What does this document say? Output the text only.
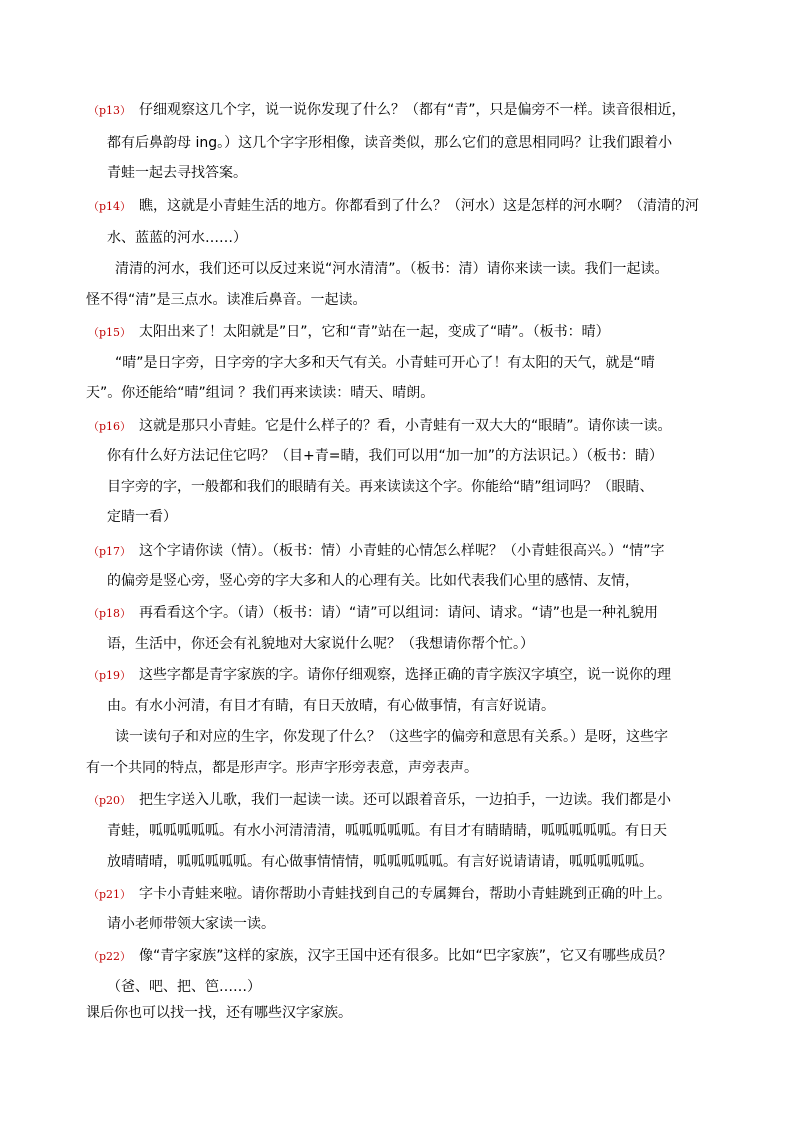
（p13） 仔细观察这几个字，说一说你发现了什么？（都有“青”，只是偏旁不一样。读音很相近，
都有后鼻韵母 ing。）这几个字字形相像，读音类似，那么它们的意思相同吗？让我们跟着小
青蛙一起去寻找答案。
（p14） 瞧，这就是小青蛙生活的地方。你都看到了什么？（河水）这是怎样的河水啊？（清清的河
水、蓝蓝的河水……）
清清的河水，我们还可以反过来说“河水清清”。（板书：清）请你来读一读。我们一起读。
怪不得“清”是三点水。读准后鼻音。一起读。
（p15） 太阳出来了！太阳就是”日”，它和“青”站在一起，变成了“晴”。（板书：晴）
“晴”是日字旁，日字旁的字大多和天气有关。小青蛙可开心了！有太阳的天气，就是“晴
天”。你还能给“晴”组词 ？我们再来读读：晴天、晴朗。
（p16） 这就是那只小青蛙。它是什么样子的？看，小青蛙有一双大大的“眼睛”。请你读一读。
你有什么好方法记住它吗？（目+青=睛，我们可以用“加一加”的方法识记。）（板书：睛）
目字旁的字，一般都和我们的眼睛有关。再来读读这个字。你能给“睛”组词吗？（眼睛、
定睛一看）
（p17） 这个字请你读（情）。（板书：情）小青蛙的心情怎么样呢？（小青蛙很高兴。）“情”字
的偏旁是竖心旁，竖心旁的字大多和人的心理有关。比如代表我们心里的感情、友情，
（p18） 再看看这个字。（请）（板书：请）“请”可以组词：请问、请求。“请”也是一种礼貌用
语，生活中，你还会有礼貌地对大家说什么呢？（我想请你帮个忙。）
（p19） 这些字都是青字家族的字。请你仔细观察，选择正确的青字族汉字填空，说一说你的理
由。有水小河清，有目才有睛，有日天放晴，有心做事情，有言好说请。
读一读句子和对应的生字，你发现了什么？（这些字的偏旁和意思有关系。）是呀，这些字
有一个共同的特点，都是形声字。形声字形旁表意，声旁表声。
（p20） 把生字送入儿歌，我们一起读一读。还可以跟着音乐，一边拍手，一边读。我们都是小
青蛙，呱呱呱呱呱。有水小河清清清，呱呱呱呱呱。有目才有睛睛睛，呱呱呱呱呱。有日天
放晴晴晴，呱呱呱呱呱。有心做事情情情，呱呱呱呱呱。有言好说请请请，呱呱呱呱呱。
（p21） 字卡小青蛙来啦。请你帮助小青蛙找到自己的专属舞台，帮助小青蛙跳到正确的叶上。
请小老师带领大家读一读。
（p22） 像“青字家族”这样的家族，汉字王国中还有很多。比如“巴字家族”，它又有哪些成员？
（爸、吧、把、笆……）
课后你也可以找一找，还有哪些汉字家族。
